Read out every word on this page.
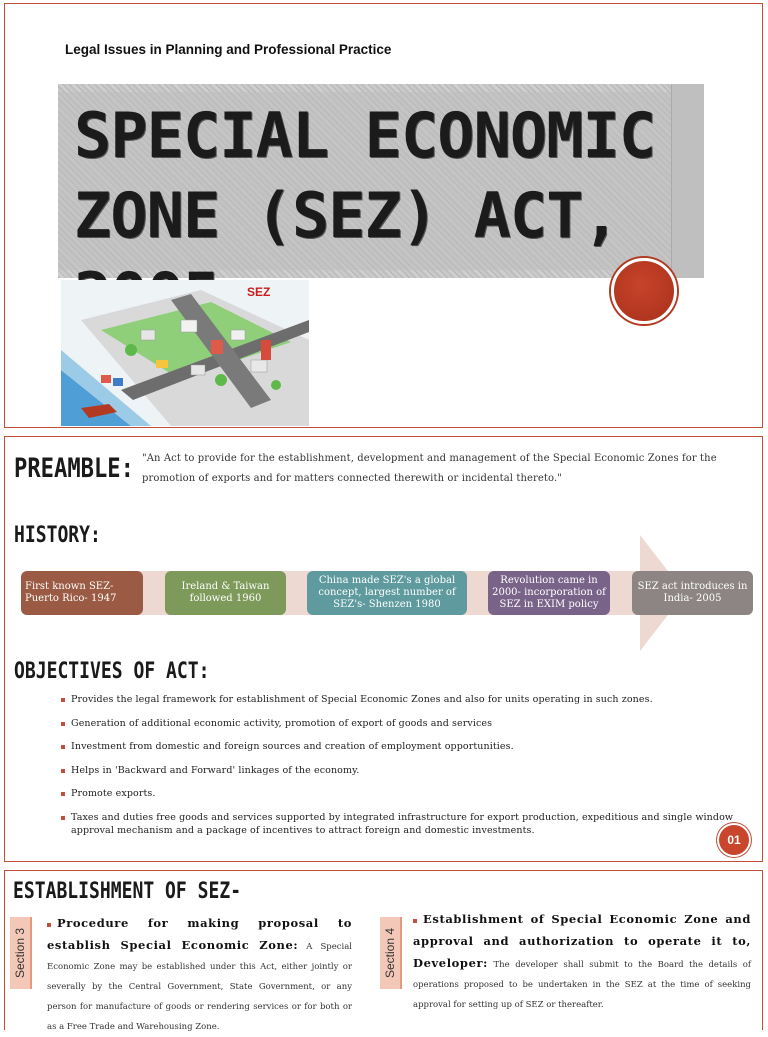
Legal Issues in Planning and Professional Practice
SPECIAL ECONOMIC
ZONE (SEZ) ACT,
SEZ
PREAMBLE: "An Act to provide for the establishment, development and management of the Special Economic Zones for the promotion of exports and for matters connected therewith or incidental thereto."
HISTORY:
First known SEZ- Puerto Rico- 1947
Ireland & Taiwan followed 1960
China made SEZ's a global concept, largest number of SEZ's- Shenzen 1980
Revolution came in 2000- incorporation of SEZ in EXIM policy
SEZ act introduces in India- 2005
OBJECTIVES OF ACT:
Provides the legal framework for establishment of Special Economic Zones and also for units operating in such zones.
Generation of additional economic activity, promotion of export of goods and services
Investment from domestic and foreign sources and creation of employment opportunities.
Helps in 'Backward and Forward' linkages of the economy.
Promote exports.
Taxes and duties free goods and services supported by integrated infrastructure for export production, expeditious and single window approval mechanism and a package of incentives to attract foreign and domestic investments.
01
ESTABLISHMENT OF SEZ-
Section 3
Procedure for making proposal to establish Special Economic Zone: A Special Economic Zone may be established under this Act, either jointly or severally by the Central Government, State Government, or any person for manufacture of goods or rendering services or for both or as a Free Trade and Warehousing Zone.
Section 4
Establishment of Special Economic Zone and approval and authorization to operate it to, Developer: The developer shall submit to the Board the details of operations proposed to be undertaken in the SEZ at the time of seeking approval for setting up of SEZ or thereafter.
